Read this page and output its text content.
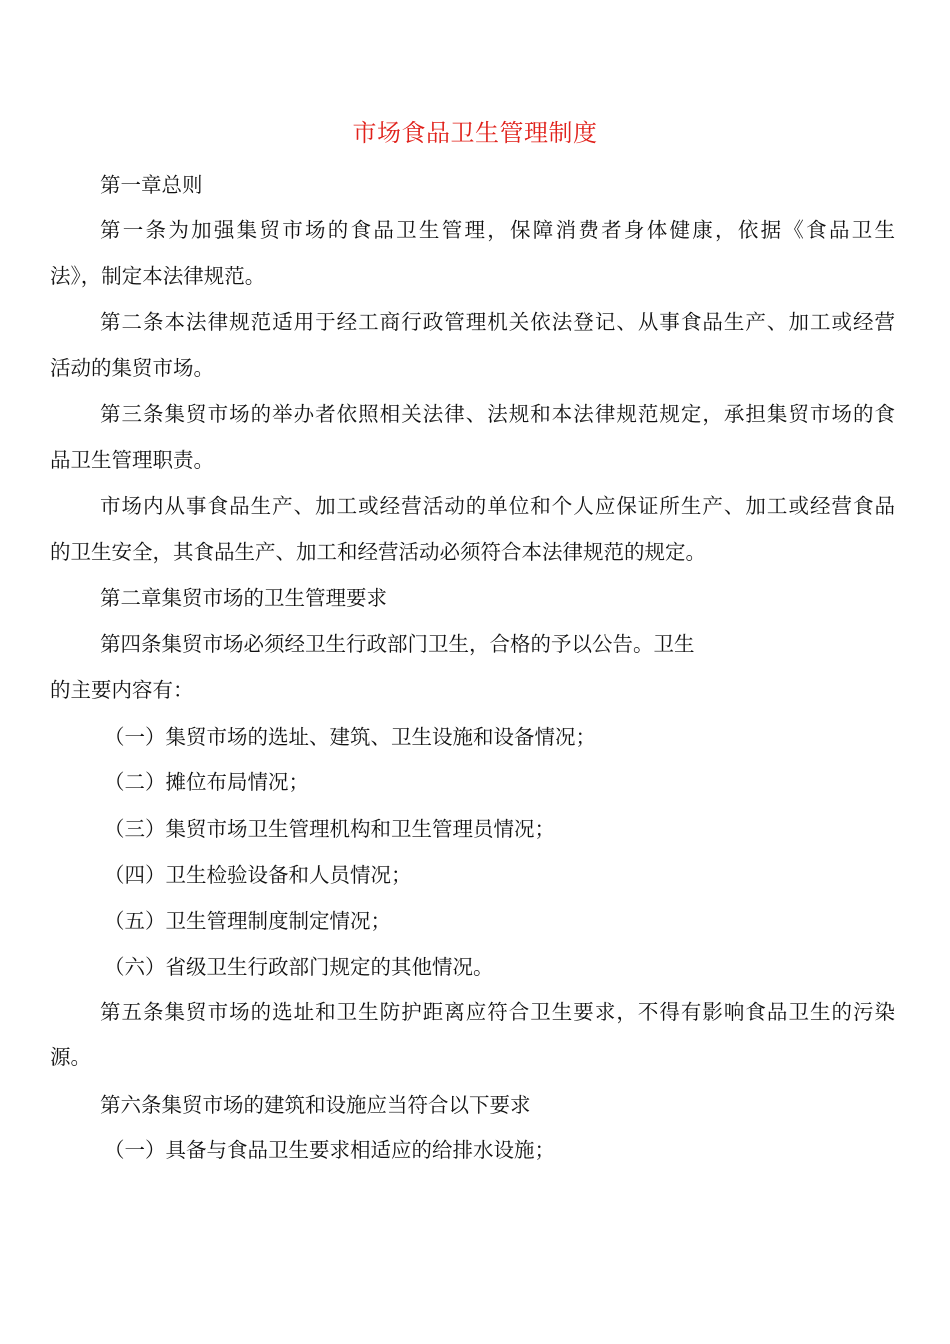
市场食品卫生管理制度
第一章总则
第一条为加强集贸市场的食品卫生管理，保障消费者身体健康，依据《食品卫生
法》，制定本法律规范。
第二条本法律规范适用于经工商行政管理机关依法登记、从事食品生产、加工或经营
活动的集贸市场。
第三条集贸市场的举办者依照相关法律、法规和本法律规范规定，承担集贸市场的食
品卫生管理职责。
市场内从事食品生产、加工或经营活动的单位和个人应保证所生产、加工或经营食品
的卫生安全，其食品生产、加工和经营活动必须符合本法律规范的规定。
第二章集贸市场的卫生管理要求
第四条集贸市场必须经卫生行政部门卫生，合格的予以公告。卫生
的主要内容有：
（一）集贸市场的选址、建筑、卫生设施和设备情况；
（二）摊位布局情况；
（三）集贸市场卫生管理机构和卫生管理员情况；
（四）卫生检验设备和人员情况；
（五）卫生管理制度制定情况；
（六）省级卫生行政部门规定的其他情况。
第五条集贸市场的选址和卫生防护距离应符合卫生要求，不得有影响食品卫生的污染
源。
第六条集贸市场的建筑和设施应当符合以下要求
（一）具备与食品卫生要求相适应的给排水设施；
